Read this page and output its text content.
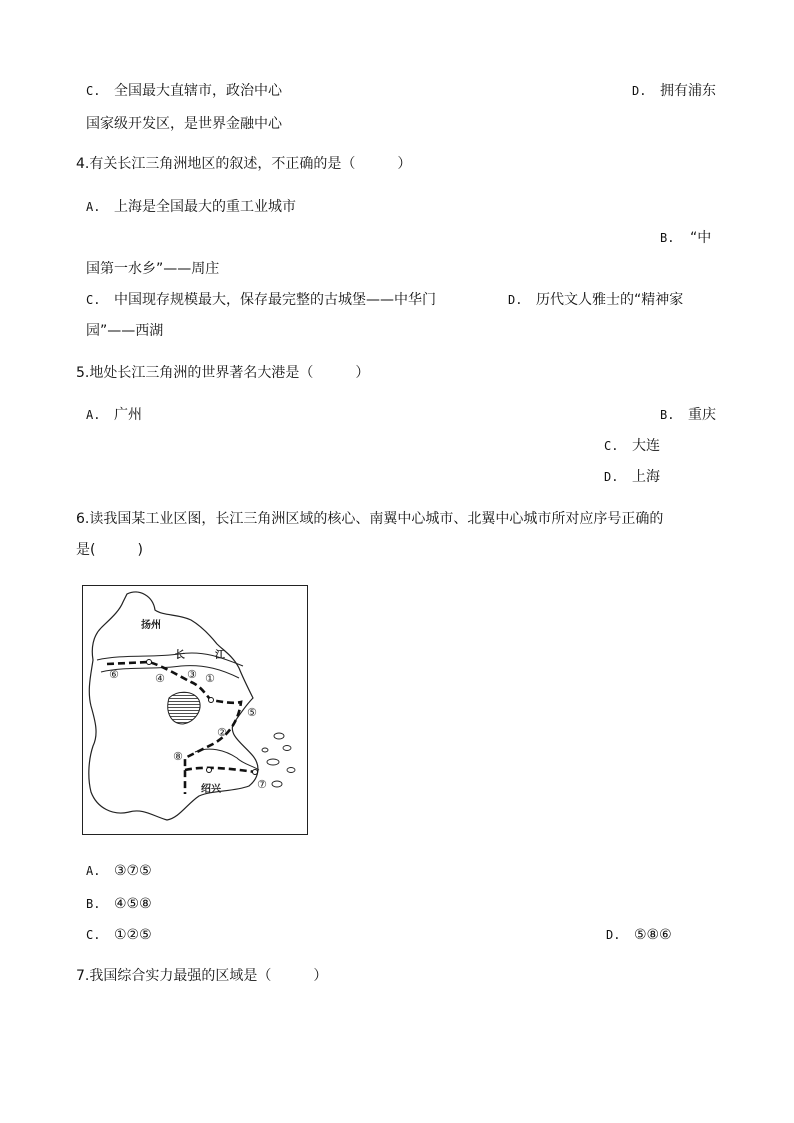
C. 全国最大直辖市，政治中心	D. 拥有浦东
国家级开发区，是世界金融中心
4.有关长江三角洲地区的叙述，不正确的是（　　　）
A. 上海是全国最大的重工业城市
B. “中
国第一水乡”——周庄
C. 中国现存规模最大，保存最完整的古城堡——中华门	D. 历代文人雅士的“精神家
园”——西湖
5.地处长江三角洲的世界著名大港是（　　　）
A. 广州	B. 重庆
C. 大连
D. 上海
6.读我国某工业区图，长江三角洲区域的核心、南翼中心城市、北翼中心城市所对应序号正确的
是(　　　)
扬州
长	江
绍兴
①
②
③
④
⑤
⑥
⑦
⑧
A. ③⑦⑤
B. ④⑤⑧
C. ①②⑤	D. ⑤⑧⑥
7.我国综合实力最强的区域是（　　　）
